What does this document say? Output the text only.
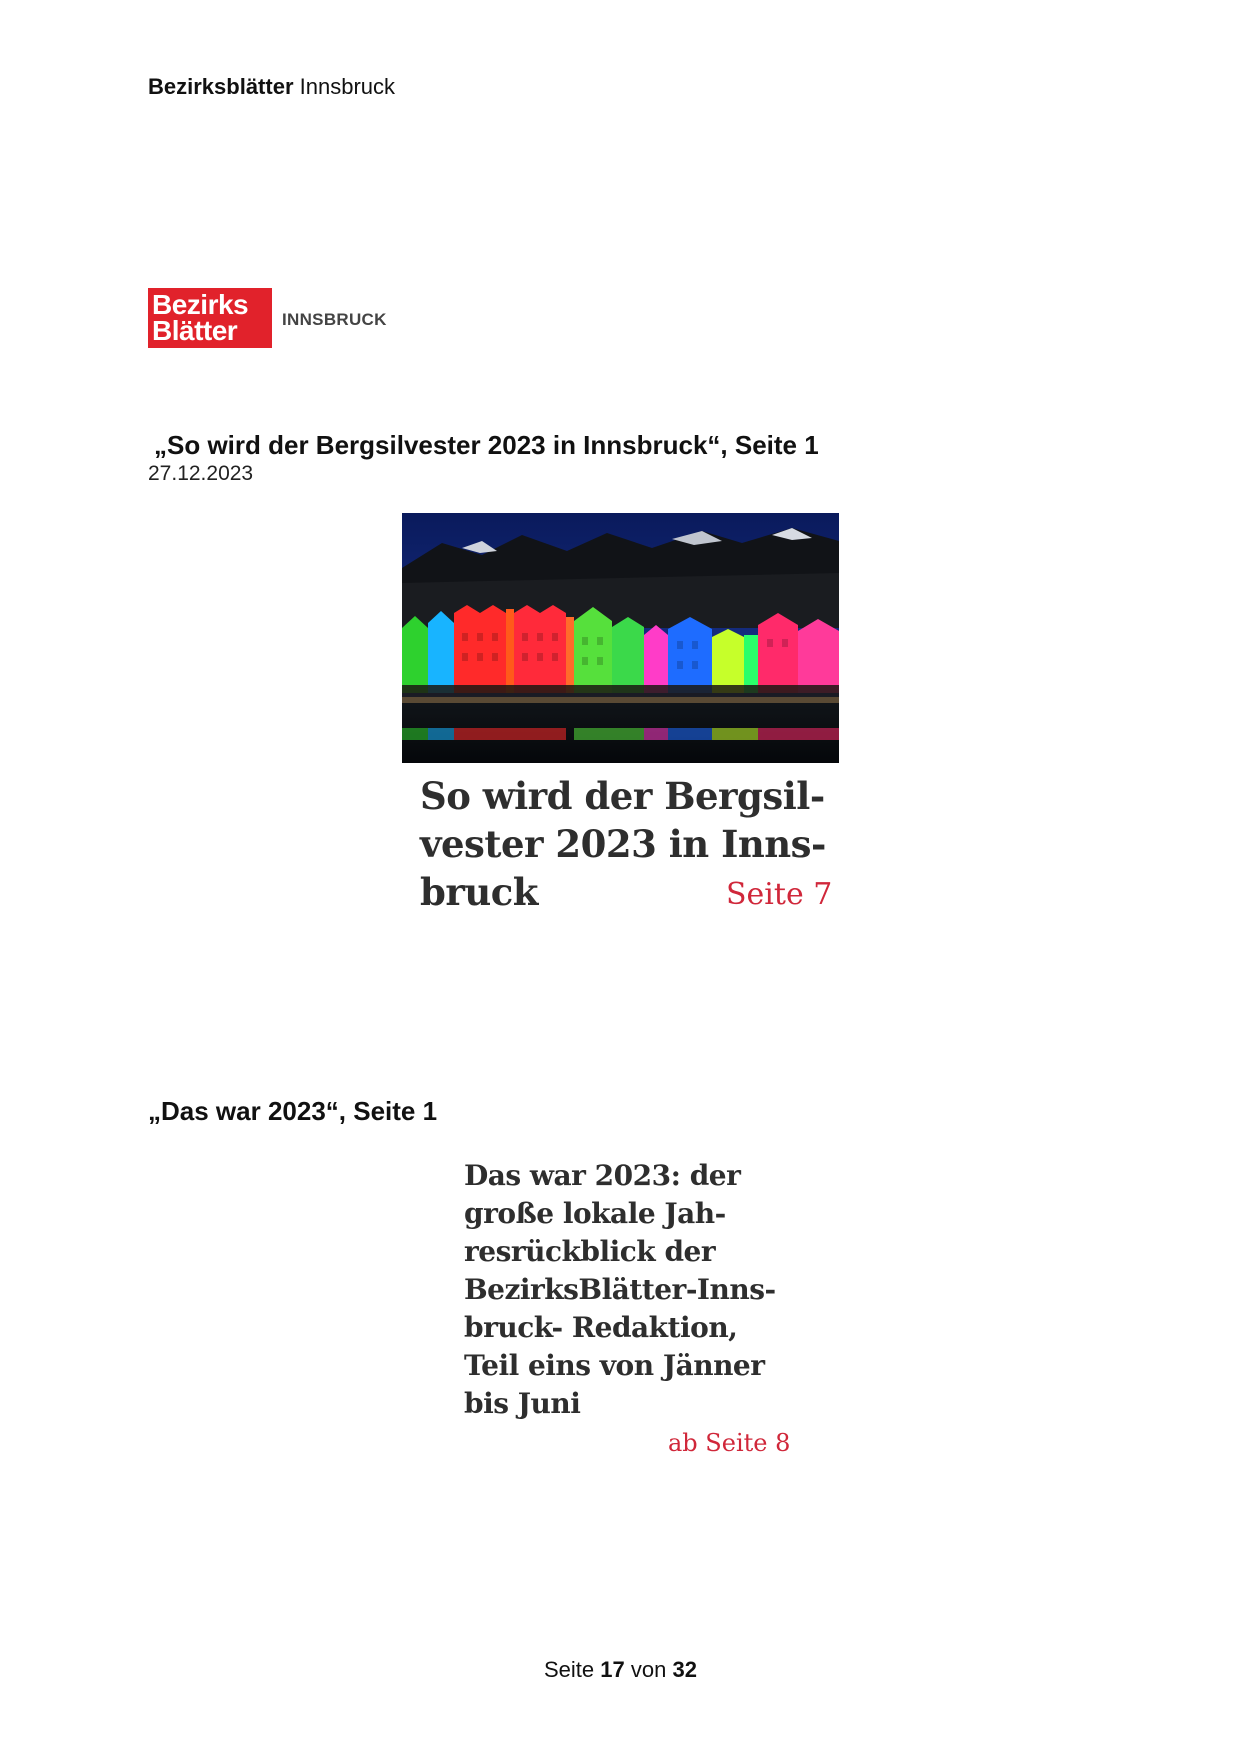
Bezirksblätter Innsbruck
Bezirks
Blätter	INNSBRUCK
„So wird der Bergsilvester 2023 in Innsbruck“, Seite 1
27.12.2023
So wird der Bergsil-
vester 2023 in Inns-
bruck	Seite 7
„Das war 2023“, Seite 1
Das war 2023: der
große lokale Jah-
resrückblick der
BezirksBlätter-Inns-
bruck- Redaktion,
Teil eins von Jänner
bis Juni
ab Seite 8
Seite 17 von 32
